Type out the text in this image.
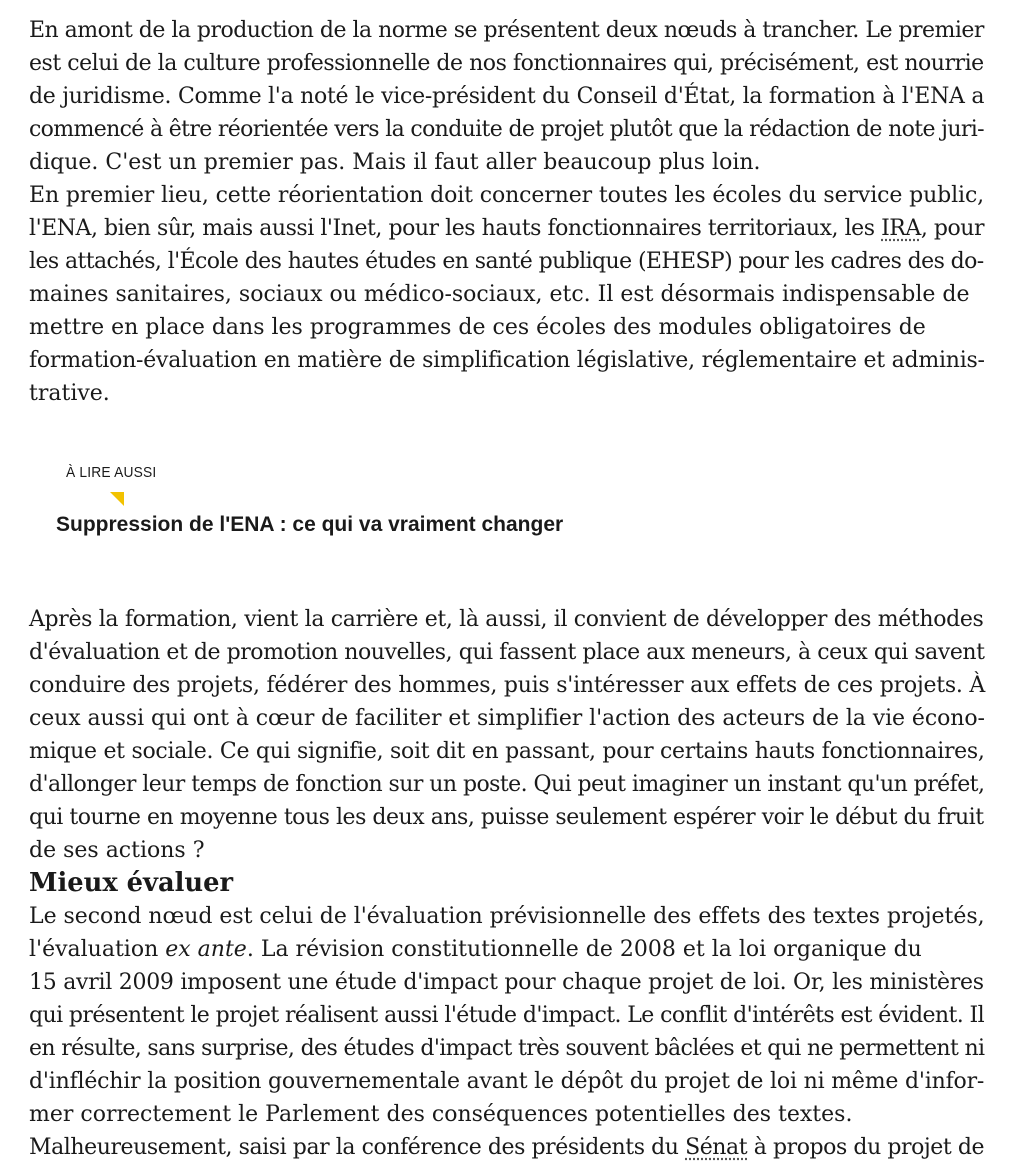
En amont de la production de la norme se présentent deux nœuds à trancher. Le premier
est celui de la culture professionnelle de nos fonctionnaires qui, précisément, est nourrie
de juridisme. Comme l'a noté le vice-président du Conseil d'État, la formation à l'ENA a
commencé à être réorientée vers la conduite de projet plutôt que la rédaction de note juri-
dique. C'est un premier pas. Mais il faut aller beaucoup plus loin.

En premier lieu, cette réorientation doit concerner toutes les écoles du service public,
l'ENA, bien sûr, mais aussi l'Inet, pour les hauts fonctionnaires territoriaux, les IRA, pour
les attachés, l'École des hautes études en santé publique (EHESP) pour les cadres des do-
maines sanitaires, sociaux ou médico-sociaux, etc. Il est désormais indispensable de
mettre en place dans les programmes de ces écoles des modules obligatoires de
formation-évaluation en matière de simplification législative, réglementaire et adminis-
trative.

À LIRE AUSSI
Suppression de l'ENA : ce qui va vraiment changer

Après la formation, vient la carrière et, là aussi, il convient de développer des méthodes
d'évaluation et de promotion nouvelles, qui fassent place aux meneurs, à ceux qui savent
conduire des projets, fédérer des hommes, puis s'intéresser aux effets de ces projets. À
ceux aussi qui ont à cœur de faciliter et simplifier l'action des acteurs de la vie écono-
mique et sociale. Ce qui signifie, soit dit en passant, pour certains hauts fonctionnaires,
d'allonger leur temps de fonction sur un poste. Qui peut imaginer un instant qu'un préfet,
qui tourne en moyenne tous les deux ans, puisse seulement espérer voir le début du fruit
de ses actions ?

Mieux évaluer

Le second nœud est celui de l'évaluation prévisionnelle des effets des textes projetés,
l'évaluation ex ante. La révision constitutionnelle de 2008 et la loi organique du
15 avril 2009 imposent une étude d'impact pour chaque projet de loi. Or, les ministères
qui présentent le projet réalisent aussi l'étude d'impact. Le conflit d'intérêts est évident. Il
en résulte, sans surprise, des études d'impact très souvent bâclées et qui ne permettent ni
d'infléchir la position gouvernementale avant le dépôt du projet de loi ni même d'infor-
mer correctement le Parlement des conséquences potentielles des textes.
Malheureusement, saisi par la conférence des présidents du Sénat à propos du projet de
